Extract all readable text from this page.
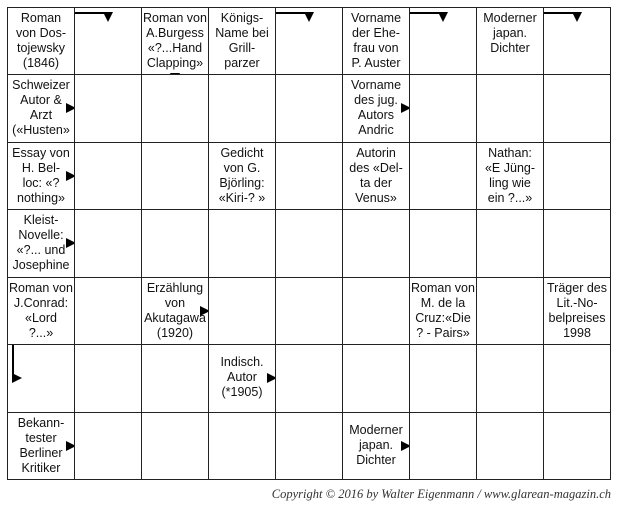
Roman
von Dos-
tojewsky
(1846)
Roman von
A.Burgess
«?...Hand
Clapping»
Königs-
Name bei
Grill-
parzer
Vorname
der Ehe-
frau von
P. Auster
Moderner
japan.
Dichter
Schweizer
Autor &
Arzt
(«Husten»
Vorname
des jug.
Autors
Andric
Essay von
H. Bel-
loc: «?
nothing»
Gedicht
von G.
Björling:
«Kiri-? »
Autorin
des «Del-
ta der
Venus»
Nathan:
«E Jüng-
ling wie
ein ?...»
Kleist-
Novelle:
«?... und
Josephine
Roman von
J.Conrad:
«Lord
?...»
Erzählung
von
Akutagawa
(1920)
Roman von
M. de la
Cruz:«Die
? - Pairs»
Träger des
Lit.-No-
belpreises
1998
Indisch.
Autor
(*1905)
Bekann-
tester
Berliner
Kritiker
Moderner
japan.
Dichter
Copyright © 2016 by Walter Eigenmann / www.glarean-magazin.ch
